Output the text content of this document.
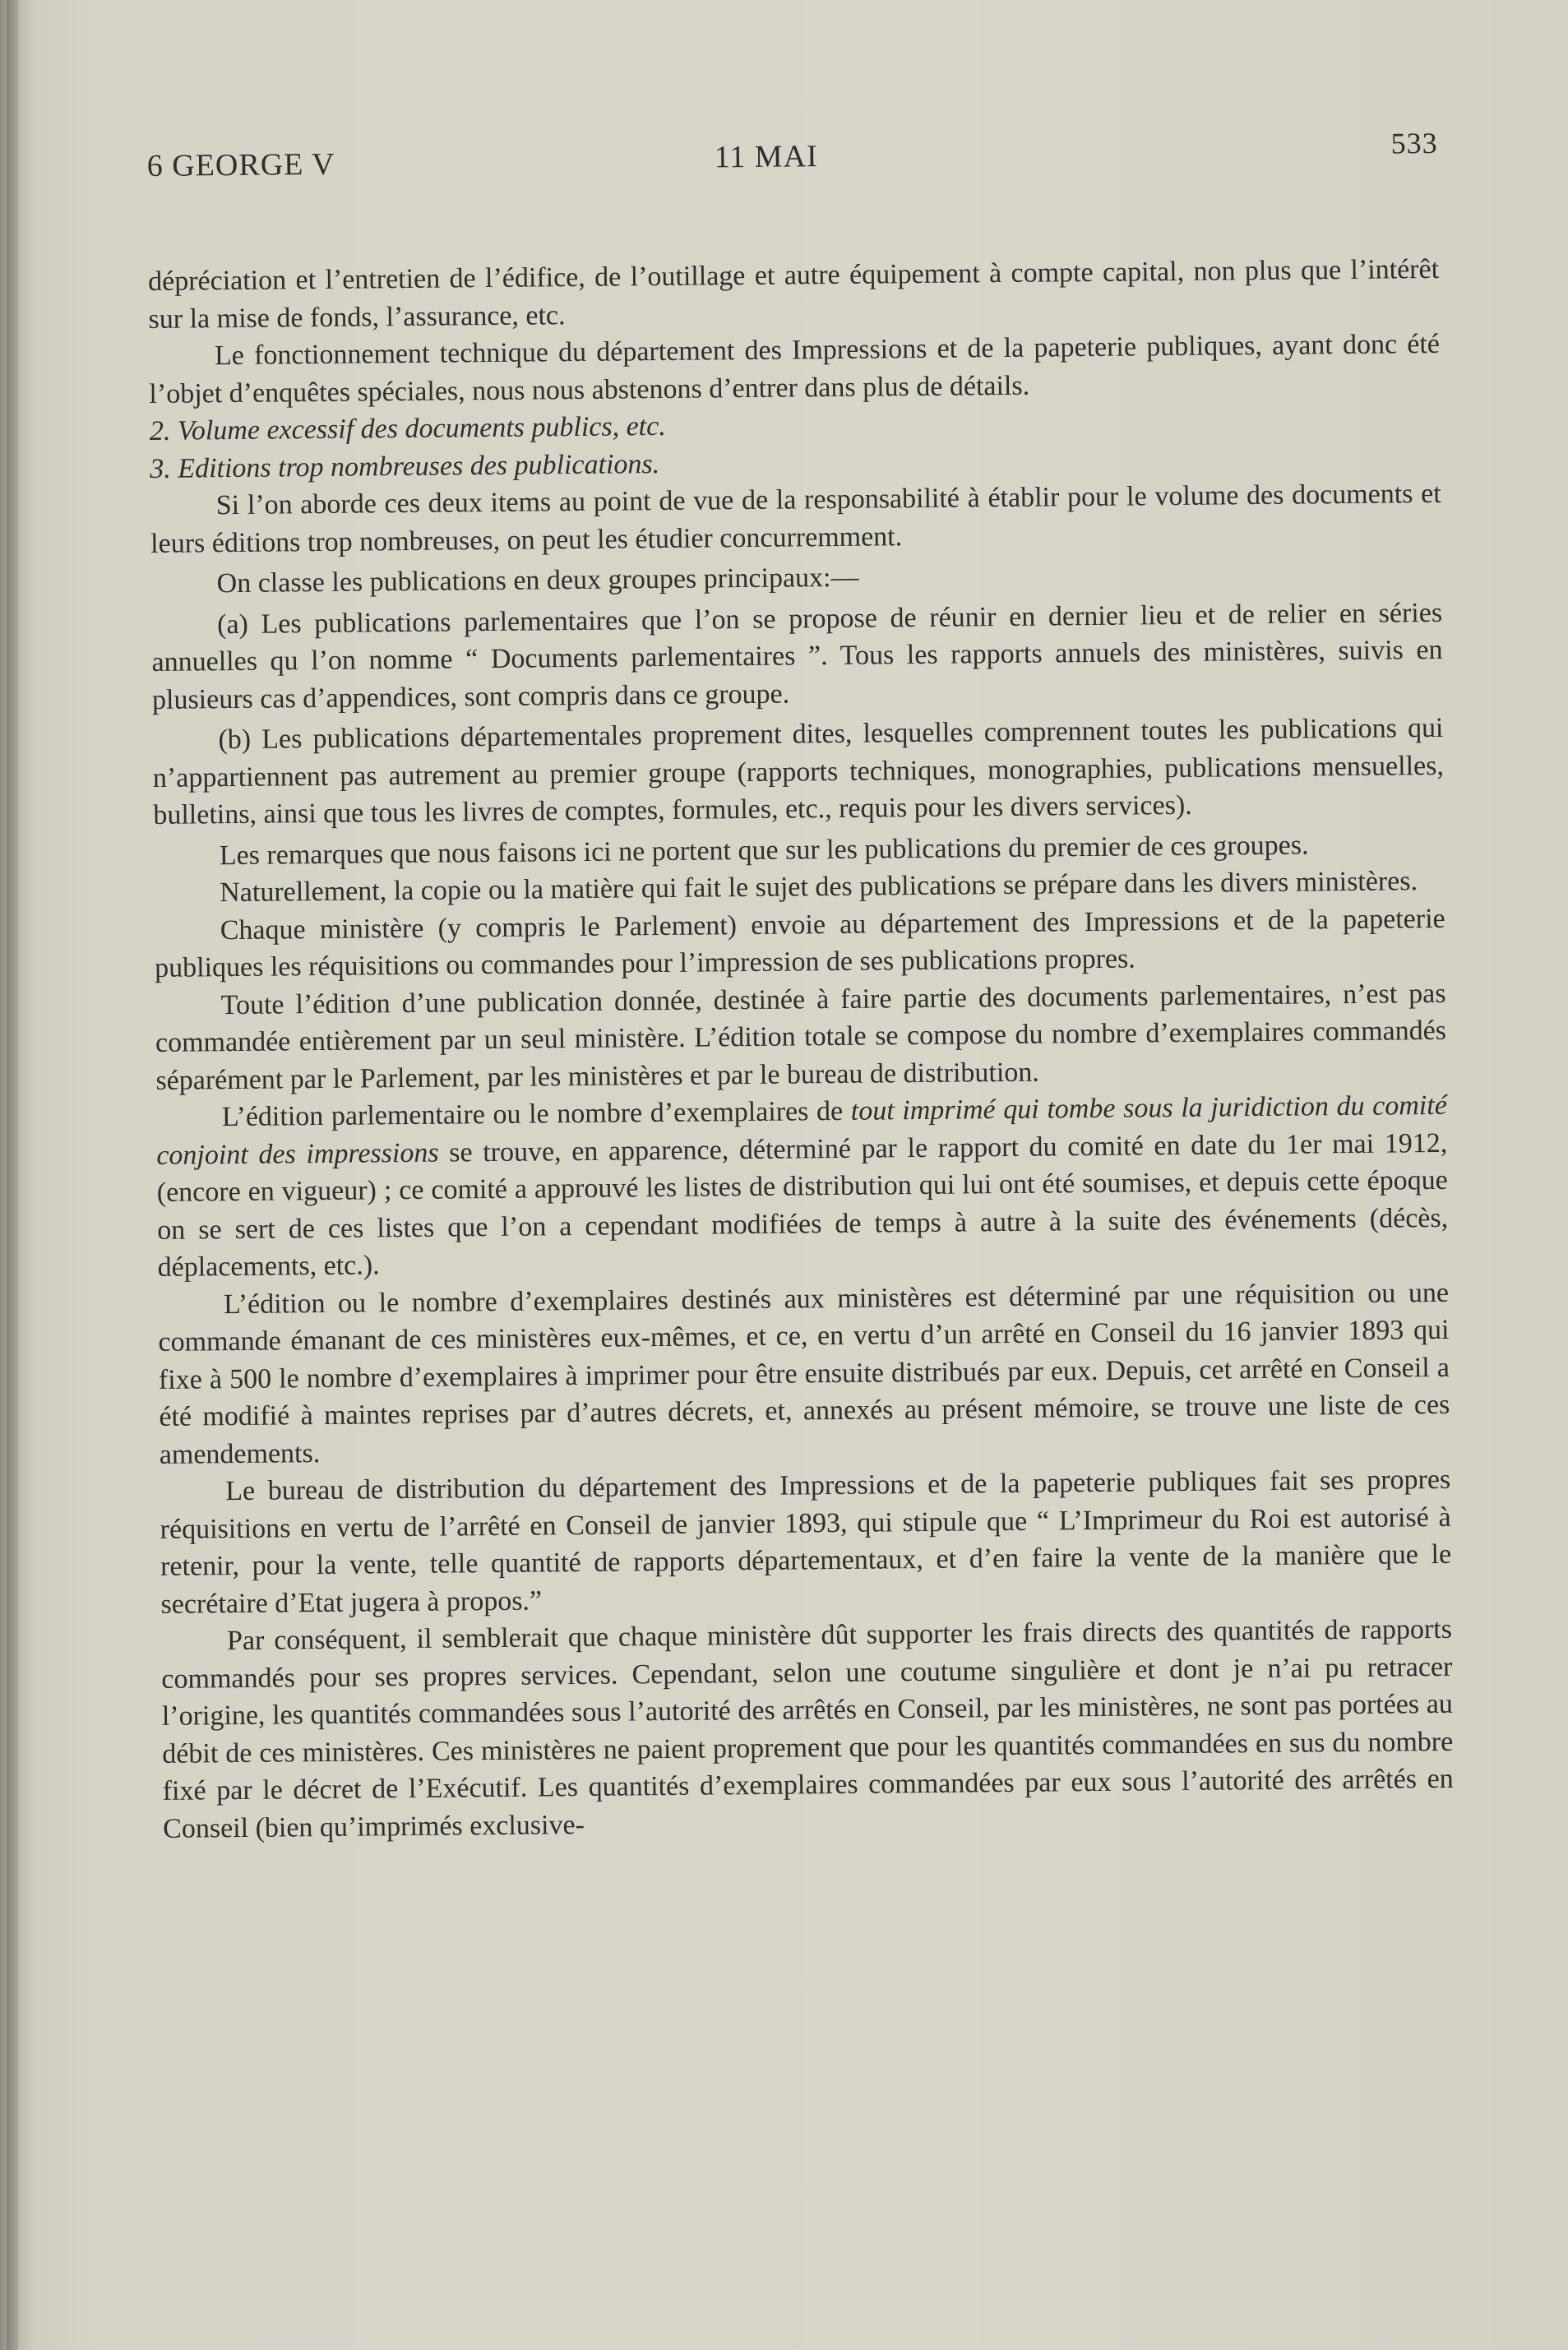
6 GEORGE V	11 MAI	533

dépréciation et l’entretien de l’édifice, de l’outillage et autre équipement à compte capital, non plus que l’intérêt sur la mise de fonds, l’assurance, etc.

Le fonctionnement technique du département des Impressions et de la papeterie publiques, ayant donc été l’objet d’enquêtes spéciales, nous nous abstenons d’entrer dans plus de détails.

2. Volume excessif des documents publics, etc.

3. Editions trop nombreuses des publications.

Si l’on aborde ces deux items au point de vue de la responsabilité à établir pour le volume des documents et leurs éditions trop nombreuses, on peut les étudier concurremment.

On classe les publications en deux groupes principaux:—

(a) Les publications parlementaires que l’on se propose de réunir en dernier lieu et de relier en séries annuelles qu l’on nomme “ Documents parlementaires ”. Tous les rapports annuels des ministères, suivis en plusieurs cas d’appendices, sont compris dans ce groupe.

(b) Les publications départementales proprement dites, lesquelles comprennent toutes les publications qui n’appartiennent pas autrement au premier groupe (rapports techniques, monographies, publications mensuelles, bulletins, ainsi que tous les livres de comptes, formules, etc., requis pour les divers services).

Les remarques que nous faisons ici ne portent que sur les publications du premier de ces groupes.

Naturellement, la copie ou la matière qui fait le sujet des publications se prépare dans les divers ministères.

Chaque ministère (y compris le Parlement) envoie au département des Impressions et de la papeterie publiques les réquisitions ou commandes pour l’impression de ses publications propres.

Toute l’édition d’une publication donnée, destinée à faire partie des documents parlementaires, n’est pas commandée entièrement par un seul ministère. L’édition totale se compose du nombre d’exemplaires commandés séparément par le Parlement, par les ministères et par le bureau de distribution.

L’édition parlementaire ou le nombre d’exemplaires de tout imprimé qui tombe sous la juridiction du comité conjoint des impressions se trouve, en apparence, déterminé par le rapport du comité en date du 1er mai 1912, (encore en vigueur) ; ce comité a approuvé les listes de distribution qui lui ont été soumises, et depuis cette époque on se sert de ces listes que l’on a cependant modifiées de temps à autre à la suite des événements (décès, déplacements, etc.).

L’édition ou le nombre d’exemplaires destinés aux ministères est déterminé par une réquisition ou une commande émanant de ces ministères eux-mêmes, et ce, en vertu d’un arrêté en Conseil du 16 janvier 1893 qui fixe à 500 le nombre d’exemplaires à imprimer pour être ensuite distribués par eux. Depuis, cet arrêté en Conseil a été modifié à maintes reprises par d’autres décrets, et, annexés au présent mémoire, se trouve une liste de ces amendements.

Le bureau de distribution du département des Impressions et de la papeterie publiques fait ses propres réquisitions en vertu de l’arrêté en Conseil de janvier 1893, qui stipule que “ L’Imprimeur du Roi est autorisé à retenir, pour la vente, telle quantité de rapports départementaux, et d’en faire la vente de la manière que le secrétaire d’Etat jugera à propos.”

Par conséquent, il semblerait que chaque ministère dût supporter les frais directs des quantités de rapports commandés pour ses propres services. Cependant, selon une coutume singulière et dont je n’ai pu retracer l’origine, les quantités commandées sous l’autorité des arrêtés en Conseil, par les ministères, ne sont pas portées au débit de ces ministères. Ces ministères ne paient proprement que pour les quantités commandées en sus du nombre fixé par le décret de l’Exécutif. Les quantités d’exemplaires commandées par eux sous l’autorité des arrêtés en Conseil (bien qu’imprimés exclusive-
